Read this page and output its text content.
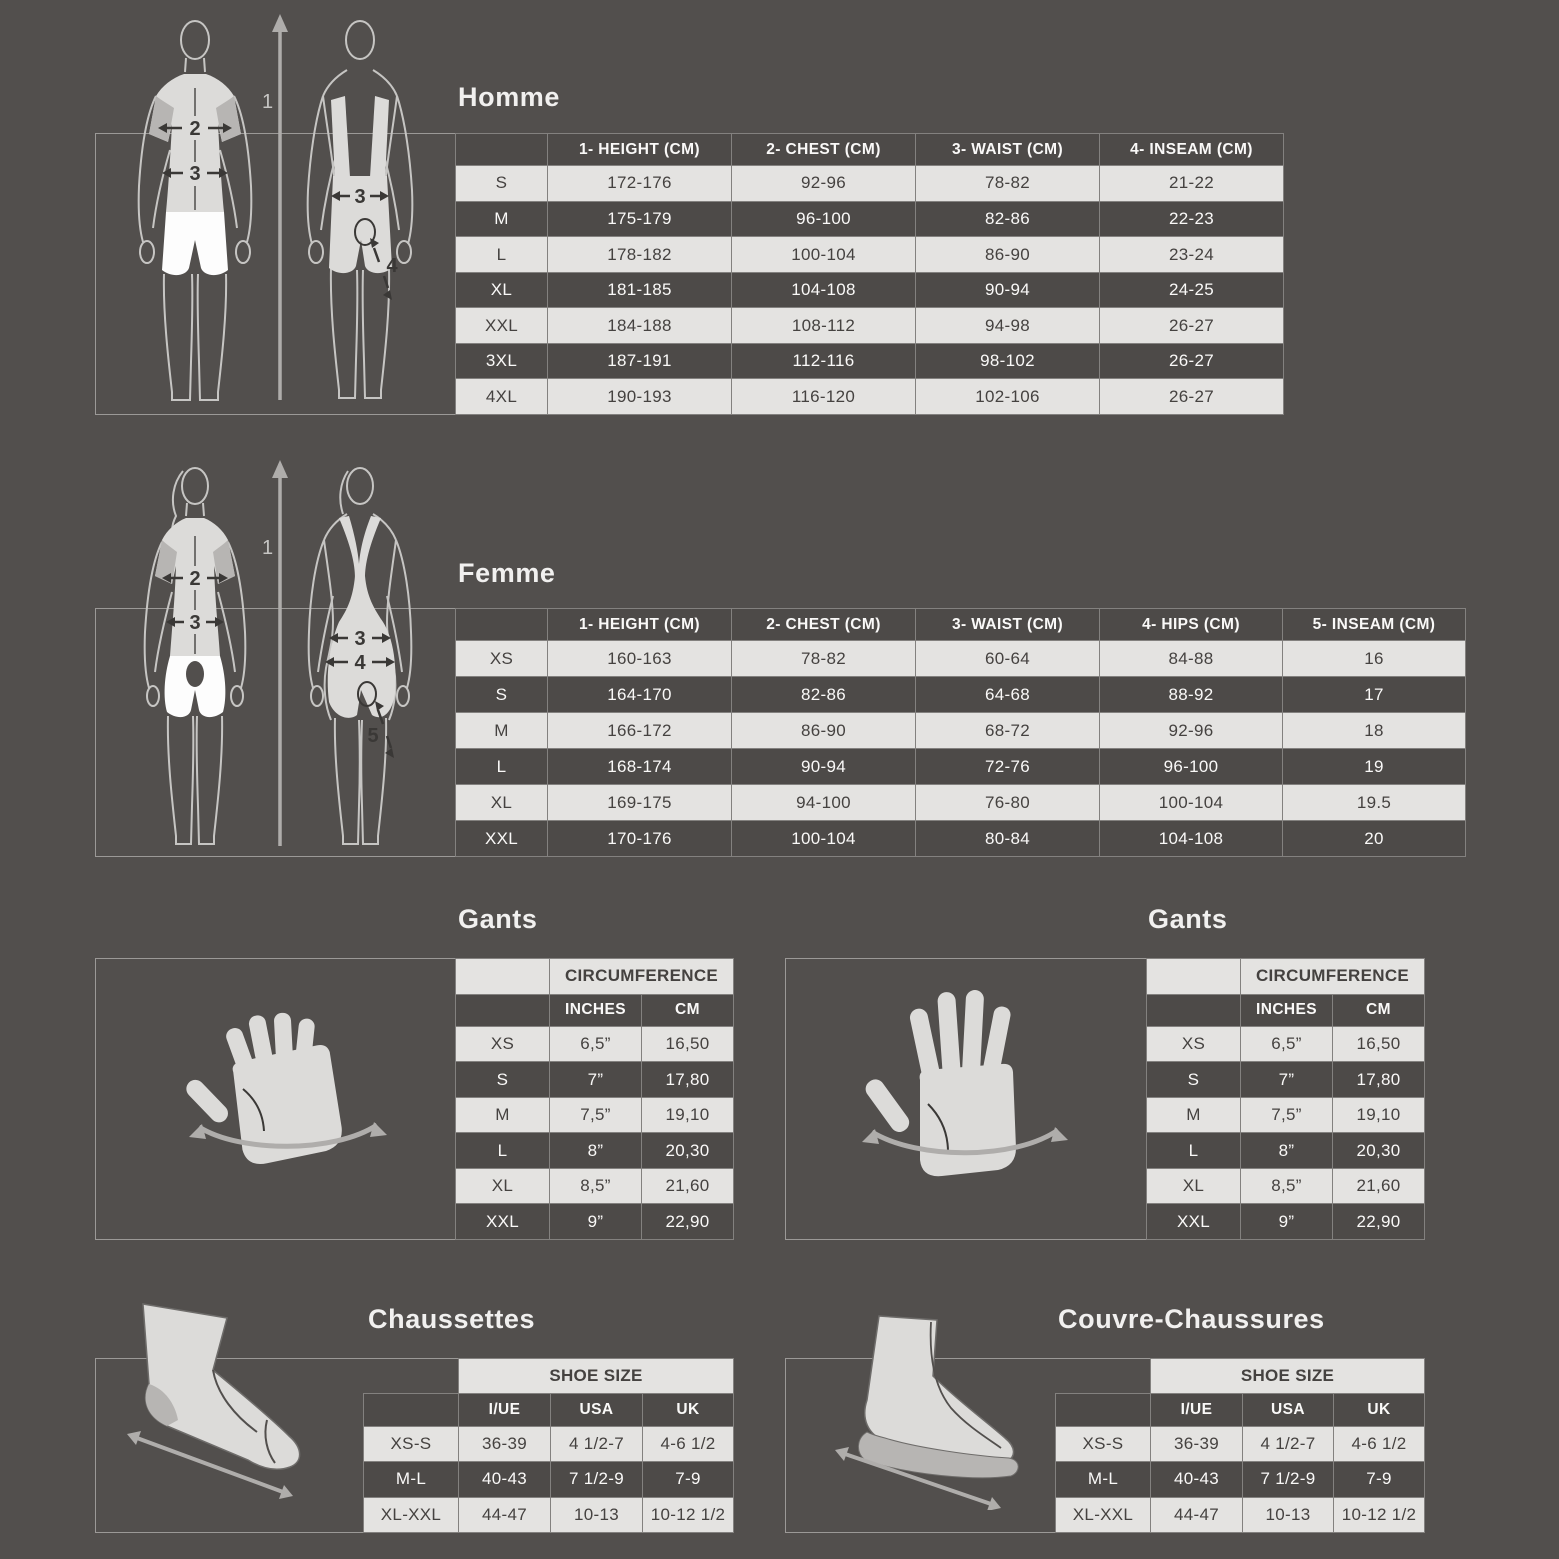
Homme
2
3
1
3
4
	1- HEIGHT (CM)	2- CHEST (CM)	3- WAIST (CM)	4- INSEAM (CM)
S	172-176	92-96	78-82	21-22
M	175-179	96-100	82-86	22-23
L	178-182	100-104	86-90	23-24
XL	181-185	104-108	90-94	24-25
XXL	184-188	108-112	94-98	26-27
3XL	187-191	112-116	98-102	26-27
4XL	190-193	116-120	102-106	26-27
Femme
2
3
1
3
4
5
	1- HEIGHT (CM)	2- CHEST (CM)	3- WAIST (CM)	4- HIPS (CM)	5- INSEAM (CM)
XS	160-163	78-82	60-64	84-88	16
S	164-170	82-86	64-68	88-92	17
M	166-172	86-90	68-72	92-96	18
L	168-174	90-94	72-76	96-100	19
XL	169-175	94-100	76-80	100-104	19.5
XXL	170-176	100-104	80-84	104-108	20
Gants
	CIRCUMFERENCE	
	INCHES	CM
XS	6,5”	16,50
S	7”	17,80
M	7,5”	19,10
L	8”	20,30
XL	8,5”	21,60
XXL	9”	22,90
Gants
	CIRCUMFERENCE	
	INCHES	CM
XS	6,5”	16,50
S	7”	17,80
M	7,5”	19,10
L	8”	20,30
XL	8,5”	21,60
XXL	9”	22,90
Chaussettes
	SHOE SIZE		
	I/UE	USA	UK
XS-S	36-39	4 1/2-7	4-6 1/2
M-L	40-43	7 1/2-9	7-9
XL-XXL	44-47	10-13	10-12 1/2
Couvre-Chaussures
	SHOE SIZE		
	I/UE	USA	UK
XS-S	36-39	4 1/2-7	4-6 1/2
M-L	40-43	7 1/2-9	7-9
XL-XXL	44-47	10-13	10-12 1/2
